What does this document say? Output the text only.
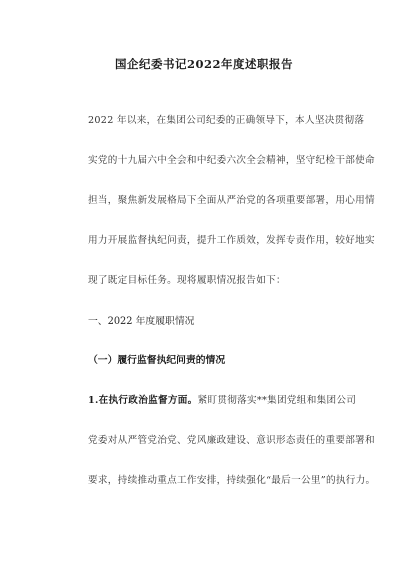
国企纪委书记2022年度述职报告
2022 年以来，在集团公司纪委的正确领导下，本人坚决贯彻落
实党的十九届六中全会和中纪委六次全会精神，坚守纪检干部使命
担当，聚焦新发展格局下全面从严治党的各项重要部署，用心用情
用力开展监督执纪问责，提升工作质效，发挥专责作用，较好地实
现了既定目标任务。现将履职情况报告如下：
一、2022 年度履职情况
（一）履行监督执纪问责的情况
1.在执行政治监督方面。紧盯贯彻落实**集团党组和集团公司
党委对从严管党治党、党风廉政建设、意识形态责任的重要部署和
要求，持续推动重点工作安排，持续强化“最后一公里”的执行力。
